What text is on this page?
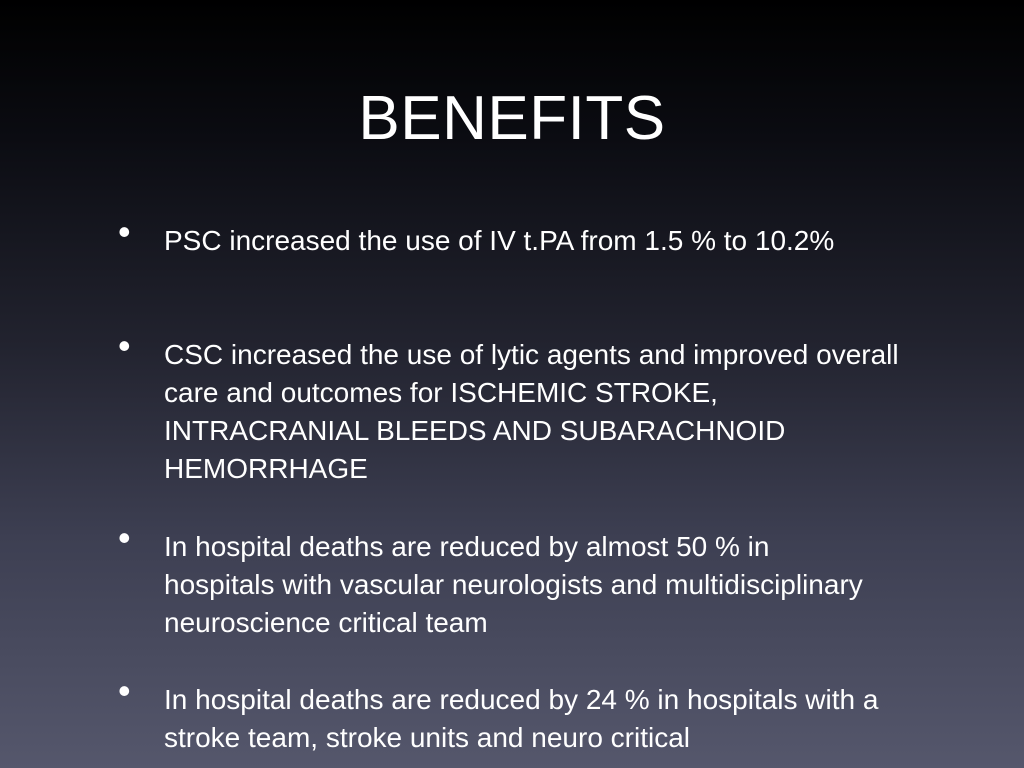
BENEFITS
• PSC increased the use of IV t.PA from 1.5 % to 10.2%
• CSC increased the use of lytic agents and improved overall care and outcomes for ISCHEMIC STROKE, INTRACRANIAL BLEEDS AND SUBARACHNOID HEMORRHAGE
• In hospital deaths are reduced by almost 50 % in hospitals with vascular neurologists and multidisciplinary neuroscience critical team
• In hospital deaths are reduced by 24 % in hospitals with a stroke team, stroke units and neuro critical
